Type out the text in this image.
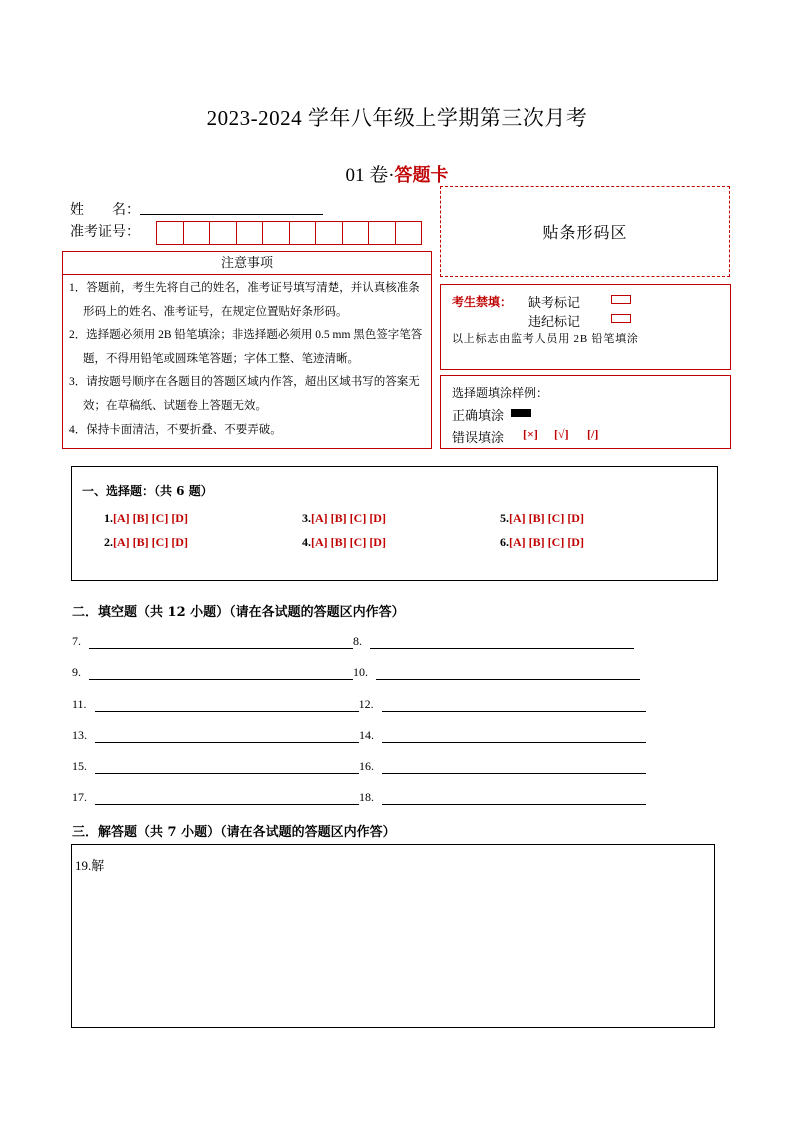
2023-2024 学年八年级上学期第三次月考
01 卷·答题卡
姓　　名：
准考证号：	贴条形码区
注意事项
1．答题前，考生先将自己的姓名，准考证号填写清楚，并认真核准条形码上的姓名、准考证号，在规定位置贴好条形码。
2．选择题必须用 2B 铅笔填涂；非选择题必须用 0.5 mm 黑色签字笔答题，不得用铅笔或圆珠笔答题；字体工整、笔迹清晰。
3．请按题号顺序在各题目的答题区域内作答，超出区域书写的答案无效；在草稿纸、试题卷上答题无效。
4．保持卡面清洁，不要折叠、不要弄破。
考生禁填： 缺考标记
违纪标记
以上标志由监考人员用 2B 铅笔填涂
选择题填涂样例：
正确填涂
错误填涂 [×] [√] [/]
一、选择题：（共 6 题）
1.[A] [B] [C] [D]	3.[A] [B] [C] [D]	5.[A] [B] [C] [D]
2.[A] [B] [C] [D]	4.[A] [B] [C] [D]	6.[A] [B] [C] [D]
二．填空题（共 12 小题）（请在各试题的答题区内作答）
7.	8.
9.	10.
11.	12.
13.	14.
15.	16.
17.	18.
三．解答题（共 7 小题）（请在各试题的答题区内作答）
19.解
